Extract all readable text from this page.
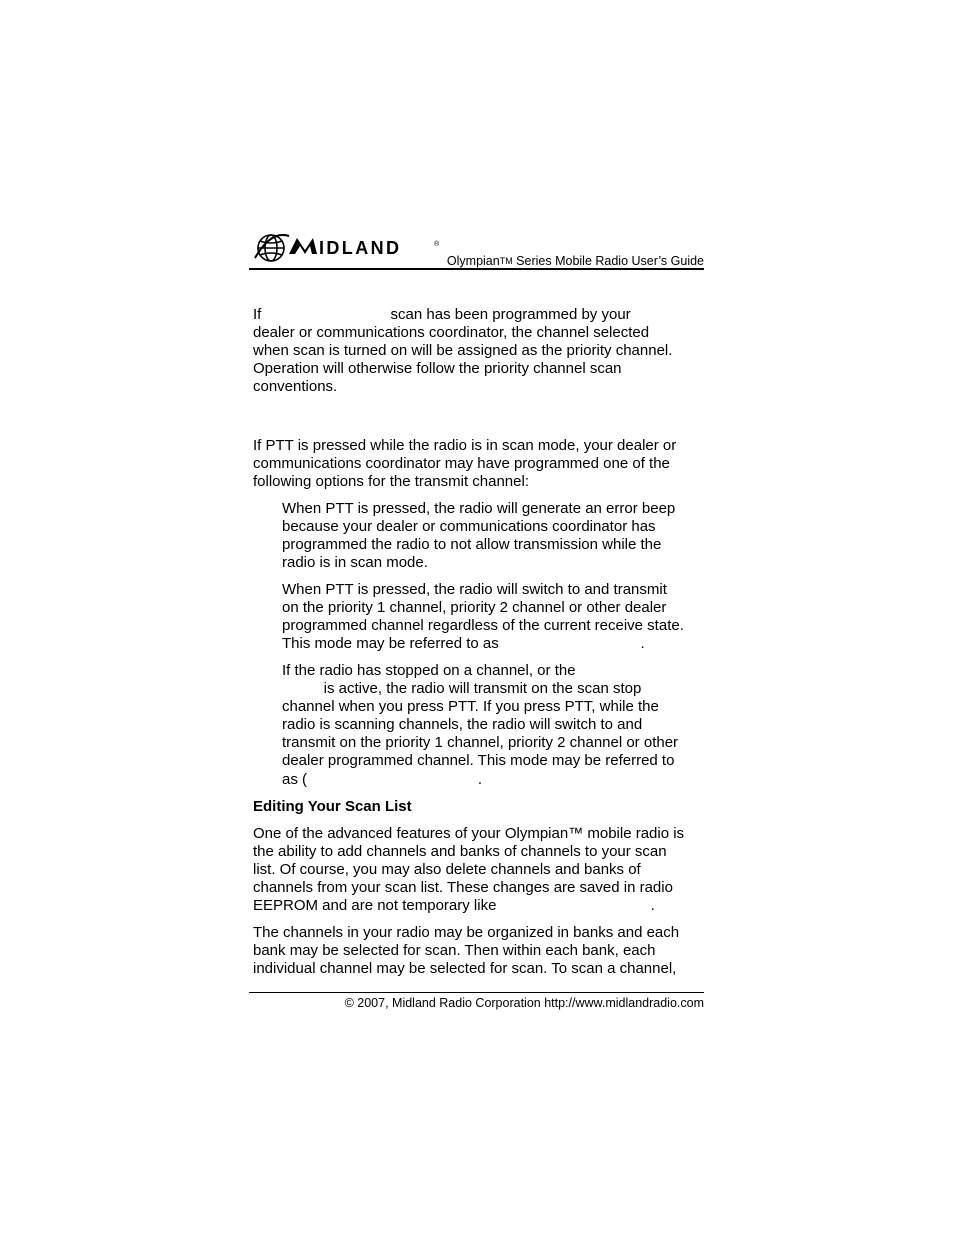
IDLAND	®
OlympianTM Series Mobile Radio User’s Guide

If                               scan has been programmed by your
dealer or communications coordinator, the channel selected
when scan is turned on will be assigned as the priority channel.
Operation will otherwise follow the priority channel scan
conventions.

If PTT is pressed while the radio is in scan mode, your dealer or
communications coordinator may have programmed one of the
following options for the transmit channel:

When PTT is pressed, the radio will generate an error beep
because your dealer or communications coordinator has
programmed the radio to not allow transmission while the
radio is in scan mode.

When PTT is pressed, the radio will switch to and transmit
on the priority 1 channel, priority 2 channel or other dealer
programmed channel regardless of the current receive state.
This mode may be referred to as                                  .

If the radio has stopped on a channel, or the
is active, the radio will transmit on the scan stop
channel when you press PTT. If you press PTT, while the
radio is scanning channels, the radio will switch to and
transmit on the priority 1 channel, priority 2 channel or other
dealer programmed channel. This mode may be referred to
as (                                         .

Editing Your Scan List

One of the advanced features of your Olympian™ mobile radio is
the ability to add channels and banks of channels to your scan
list. Of course, you may also delete channels and banks of
channels from your scan list. These changes are saved in radio
EEPROM and are not temporary like                                     .

The channels in your radio may be organized in banks and each
bank may be selected for scan. Then within each bank, each
individual channel may be selected for scan. To scan a channel,

© 2007, Midland Radio Corporation http://www.midlandradio.com
